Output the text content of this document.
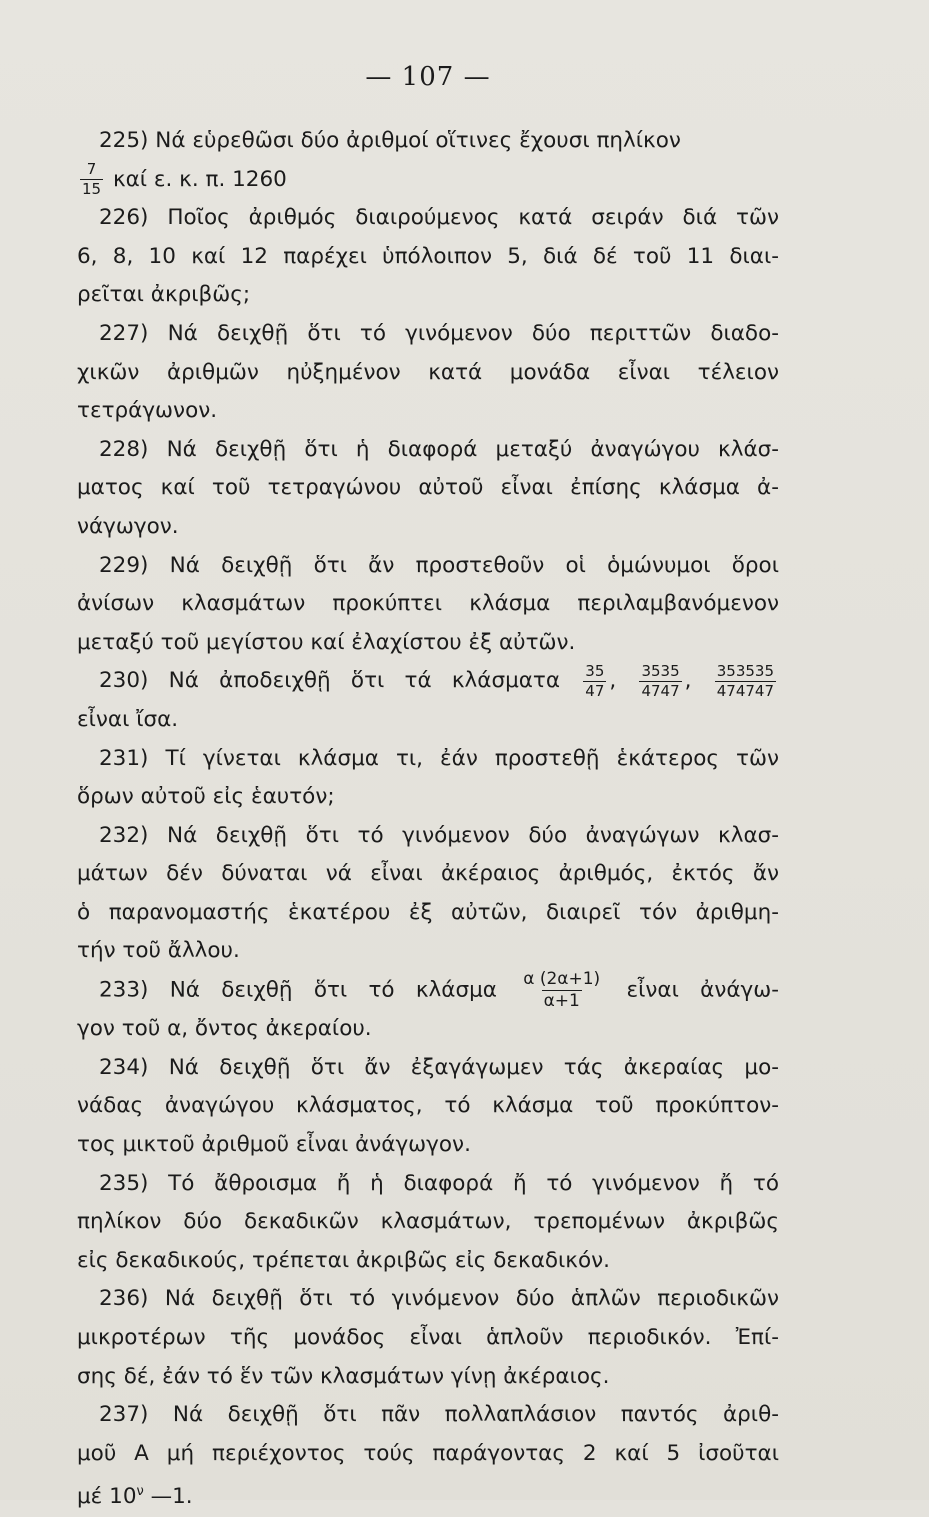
— 107 —
225) Νά εὑρεθῶσι δύο ἀριθμοί οἵτινες ἔχουσι πηλίκον
$\frac{7}{15}$ καί ε. κ. π. 1260
226) Ποῖος ἀριθμός διαιρούμενος κατά σειράν διά τῶν
6, 8, 10 καί 12 παρέχει ὑπόλοιπον 5, διά δέ τοῦ 11 διαι-
ρεῖται ἀκριβῶς;
227) Νά δειχθῇ ὅτι τό γινόμενον δύο περιττῶν διαδο-
χικῶν ἀριθμῶν ηὐξημένον κατά μονάδα εἶναι τέλειον
τετράγωνον.
228) Νά δειχθῇ ὅτι ἡ διαφορά μεταξύ ἀναγώγου κλάσ-
ματος καί τοῦ τετραγώνου αὐτοῦ εἶναι ἐπίσης κλάσμα ἀ-
νάγωγον.
229) Νά δειχθῇ ὅτι ἄν προστεθοῦν οἱ ὁμώνυμοι ὅροι
ἀνίσων κλασμάτων προκύπτει κλάσμα περιλαμβανόμενον
μεταξύ τοῦ μεγίστου καί ἐλαχίστου ἐξ αὐτῶν.
230) Νά ἀποδειχθῇ ὅτι τά κλάσματα $\frac{35}{47}$ , $\frac{3535}{4747}$ , $\frac{353535}{474747}$
εἶναι ἴσα.
231) Τί γίνεται κλάσμα τι, ἐάν προστεθῇ ἑκάτερος τῶν
ὅρων αὐτοῦ εἰς ἑαυτόν;
232) Νά δειχθῇ ὅτι τό γινόμενον δύο ἀναγώγων κλασ-
μάτων δέν δύναται νά εἶναι ἀκέραιος ἀριθμός, ἐκτός ἄν
ὁ παρανομαστής ἑκατέρου ἐξ αὐτῶν, διαιρεῖ τόν ἀριθμη-
τήν τοῦ ἄλλου.
233) Νά δειχθῇ ὅτι τό κλάσμα $\frac{\alpha (2\alpha+1)}{\alpha+1}$ εἶναι ἀνάγω-
γον τοῦ α, ὄντος ἀκεραίου.
234) Νά δειχθῇ ὅτι ἄν ἐξαγάγωμεν τάς ἀκεραίας μο-
νάδας ἀναγώγου κλάσματος, τό κλάσμα τοῦ προκύπτον-
τος μικτοῦ ἀριθμοῦ εἶναι ἀνάγωγον.
235) Τό ἄθροισμα ἤ ἡ διαφορά ἤ τό γινόμενον ἤ τό
πηλίκον δύο δεκαδικῶν κλασμάτων, τρεπομένων ἀκριβῶς
εἰς δεκαδικούς, τρέπεται ἀκριβῶς εἰς δεκαδικόν.
236) Νά δειχθῇ ὅτι τό γινόμενον δύο ἁπλῶν περιοδικῶν
μικροτέρων τῆς μονάδος εἶναι ἁπλοῦν περιοδικόν. Ἐπί-
σης δέ, ἐάν τό ἕν τῶν κλασμάτων γίνῃ ἀκέραιος.
237) Νά δειχθῇ ὅτι πᾶν πολλαπλάσιον παντός ἀριθ-
μοῦ Α μή περιέχοντος τούς παράγοντας 2 καί 5 ἰσοῦται
μέ $10^\nu$ —1.
